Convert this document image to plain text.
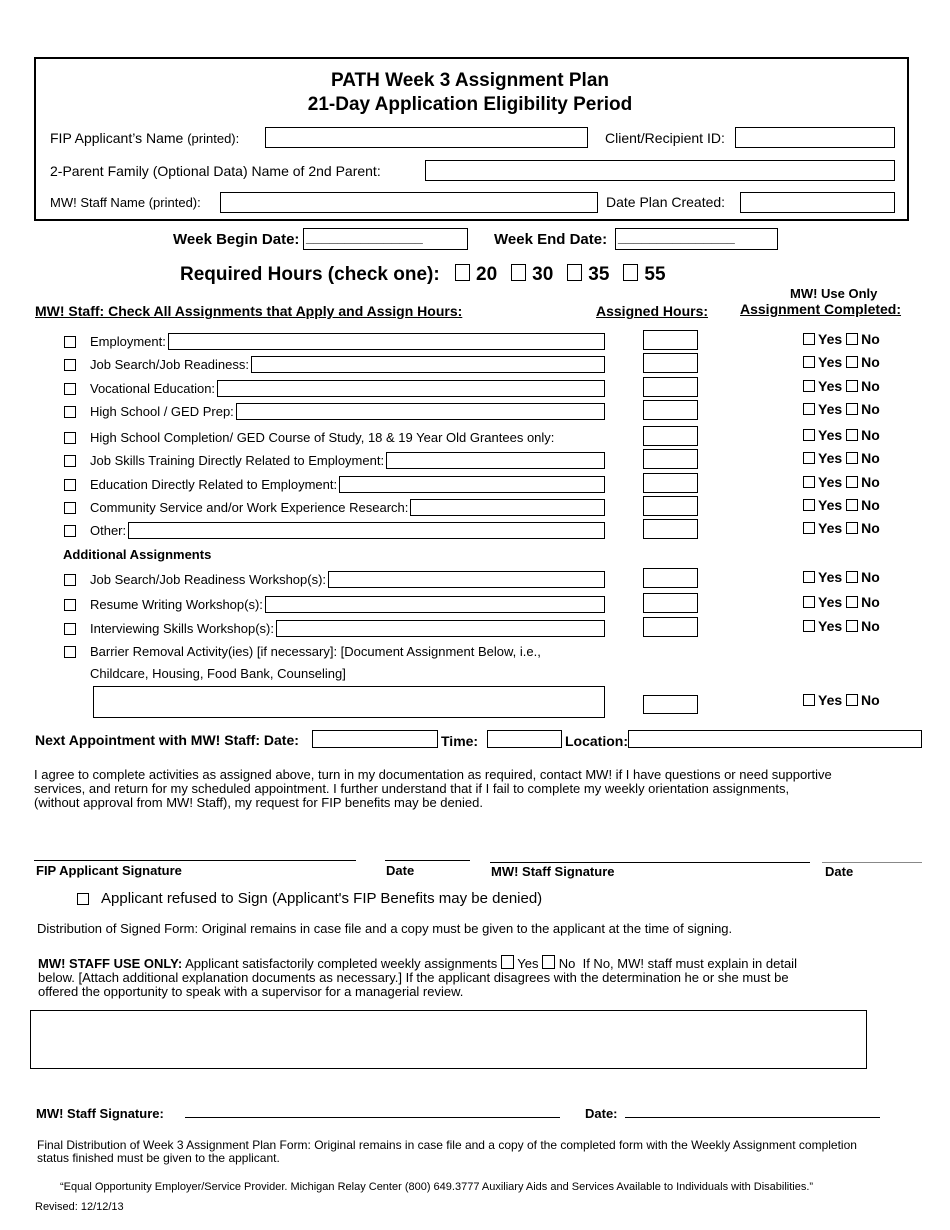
PATH Week 3 Assignment Plan
21-Day Application Eligibility Period
FIP Applicant’s Name (printed):	Client/Recipient ID:
2-Parent Family (Optional Data) Name of 2nd Parent:
MW! Staff Name (printed):	Date Plan Created:
Week Begin Date: _______________	Week End Date: _______________
Required Hours (check one):	20 30 35 55
MW! Use Only
Assignment Completed:
MW! Staff: Check All Assignments that Apply and Assign Hours:	Assigned Hours:
Employment:	Yes No
Job Search/Job Readiness:	Yes No
Vocational Education:	Yes No
High School / GED Prep:	Yes No
High School Completion/ GED Course of Study, 18 & 19 Year Old Grantees only:	Yes No
Job Skills Training Directly Related to Employment:	Yes No
Education Directly Related to Employment:	Yes No
Community Service and/or Work Experience Research:	Yes No
Other:	Yes No
Job Search/Job Readiness Workshop(s):	Yes No
Resume Writing Workshop(s):	Yes No
Interviewing Skills Workshop(s):	Yes No
Additional Assignments
Barrier Removal Activity(ies) [if necessary]: [Document Assignment Below, i.e.,
Childcare, Housing, Food Bank, Counseling]
Yes No
Next Appointment with MW! Staff: Date:	Time:	Location:
I agree to complete activities as assigned above, turn in my documentation as required, contact MW! if I have questions or need supportive services, and return for my scheduled appointment. I further understand that if I fail to complete my weekly orientation assignments, (without approval from MW! Staff), my request for FIP benefits may be denied.
FIP Applicant Signature	Date	MW! Staff Signature	Date
Applicant refused to Sign (Applicant's FIP Benefits may be denied)
Distribution of Signed Form: Original remains in case file and a copy must be given to the applicant at the time of signing.
MW! STAFF USE ONLY: Applicant satisfactorily completed weekly assignments Yes No If No, MW! staff must explain in detail below. [Attach additional explanation documents as necessary.] If the applicant disagrees with the determination he or she must be offered the opportunity to speak with a supervisor for a managerial review.
MW! Staff Signature:	Date:
Final Distribution of Week 3 Assignment Plan Form: Original remains in case file and a copy of the completed form with the Weekly Assignment completion status finished must be given to the applicant.
“Equal Opportunity Employer/Service Provider. Michigan Relay Center (800) 649.3777 Auxiliary Aids and Services Available to Individuals with Disabilities.”
Revised: 12/12/13
